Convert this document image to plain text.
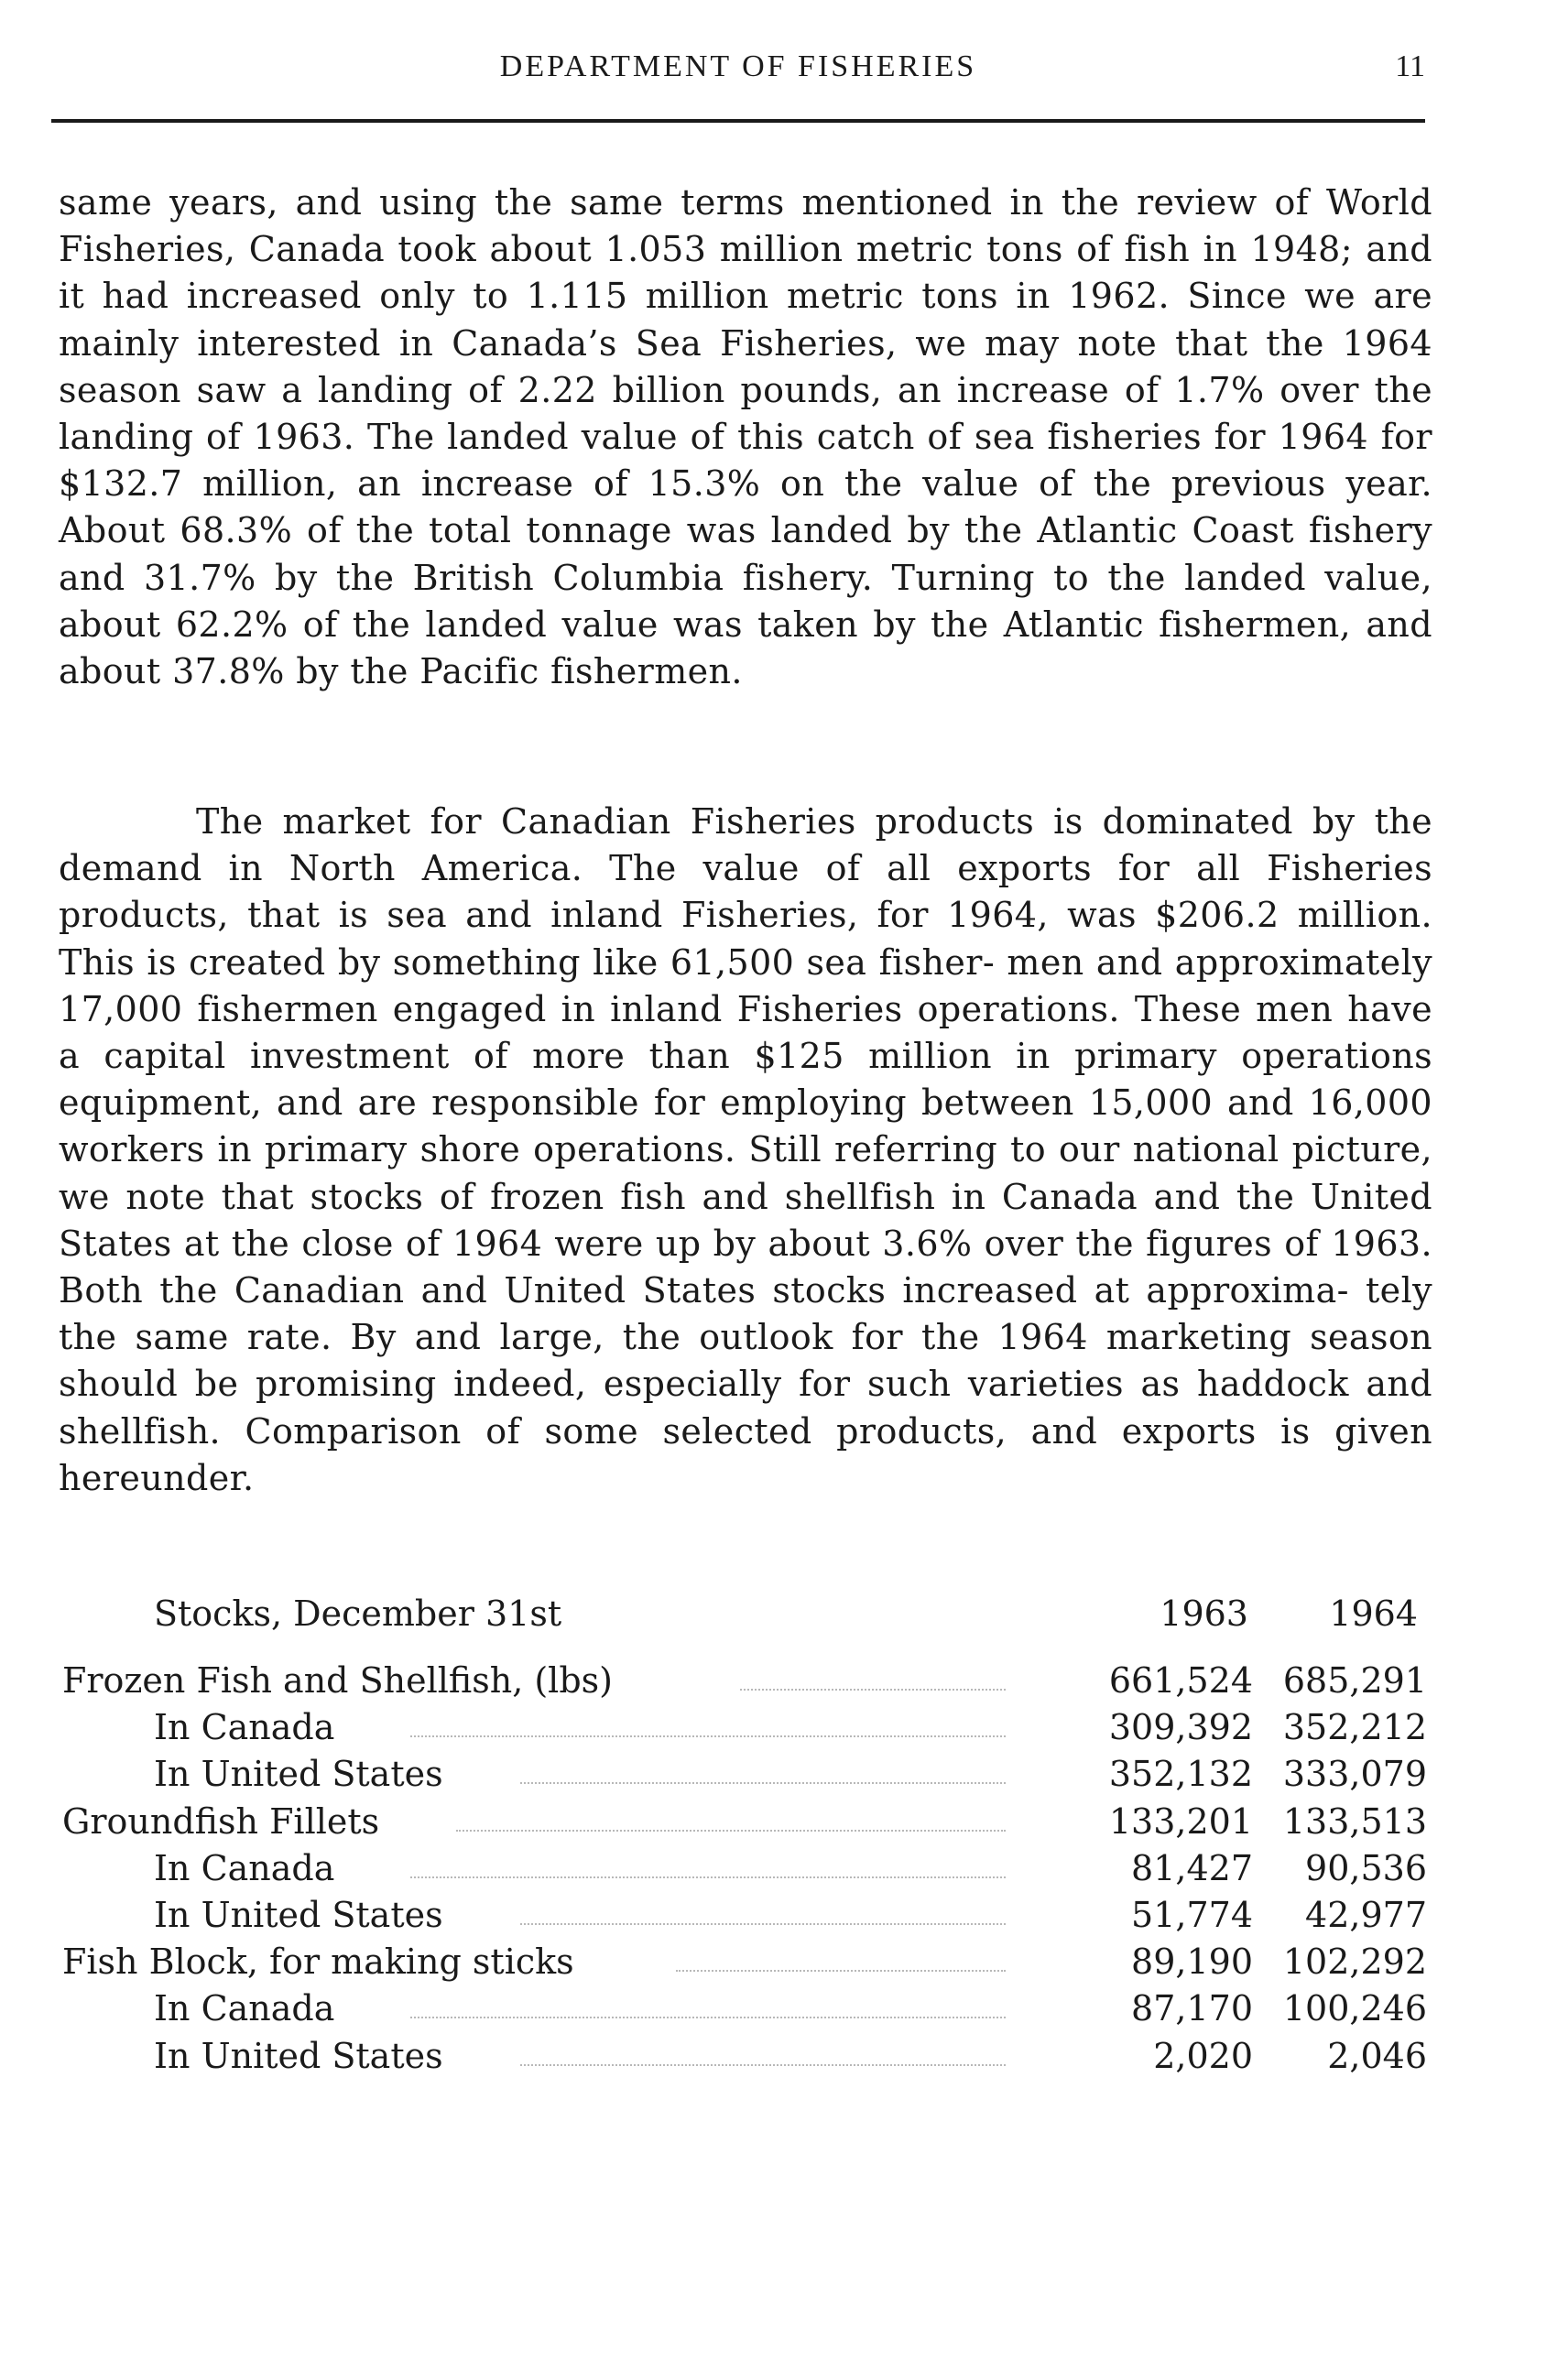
DEPARTMENT OF FISHERIES	11

same years, and using the same terms mentioned in the review of World Fisheries, Canada took about 1.053 million metric tons of fish in 1948; and it had increased only to 1.115 million metric tons in 1962. Since we are mainly interested in Canada’s Sea Fisheries, we may note that the 1964 season saw a landing of 2.22 billion pounds, an increase of 1.7% over the landing of 1963. The landed value of this catch of sea fisheries for 1964 for $132.7 million, an increase of 15.3% on the value of the previous year. About 68.3% of the total tonnage was landed by the Atlantic Coast fishery and 31.7% by the British Columbia fishery. Turning to the landed value, about 62.2% of the landed value was taken by the Atlantic fishermen, and about 37.8% by the Pacific fishermen.

The market for Canadian Fisheries products is dominated by the demand in North America. The value of all exports for all Fisheries products, that is sea and inland Fisheries, for 1964, was $206.2 million. This is created by something like 61,500 sea fisher- men and approximately 17,000 fishermen engaged in inland Fisheries operations. These men have a capital investment of more than $125 million in primary operations equipment, and are responsible for employing between 15,000 and 16,000 workers in primary shore operations. Still referring to our national picture, we note that stocks of frozen fish and shellfish in Canada and the United States at the close of 1964 were up by about 3.6% over the figures of 1963. Both the Canadian and United States stocks increased at approxima- tely the same rate. By and large, the outlook for the 1964 marketing season should be promising indeed, especially for such varieties as haddock and shellfish. Comparison of some selected products, and exports is given hereunder.

Stocks, December 31st	1963	1964
Frozen Fish and Shellfish, (lbs)	661,524 685,291
In Canada	309,392 352,212
In United States	352,132 333,079
Groundfish Fillets	133,201 133,513
In Canada	81,427	90,536
In United States	51,774	42,977
Fish Block, for making sticks	89,190 102,292
In Canada	87,170 100,246
In United States	2,020	2,046
